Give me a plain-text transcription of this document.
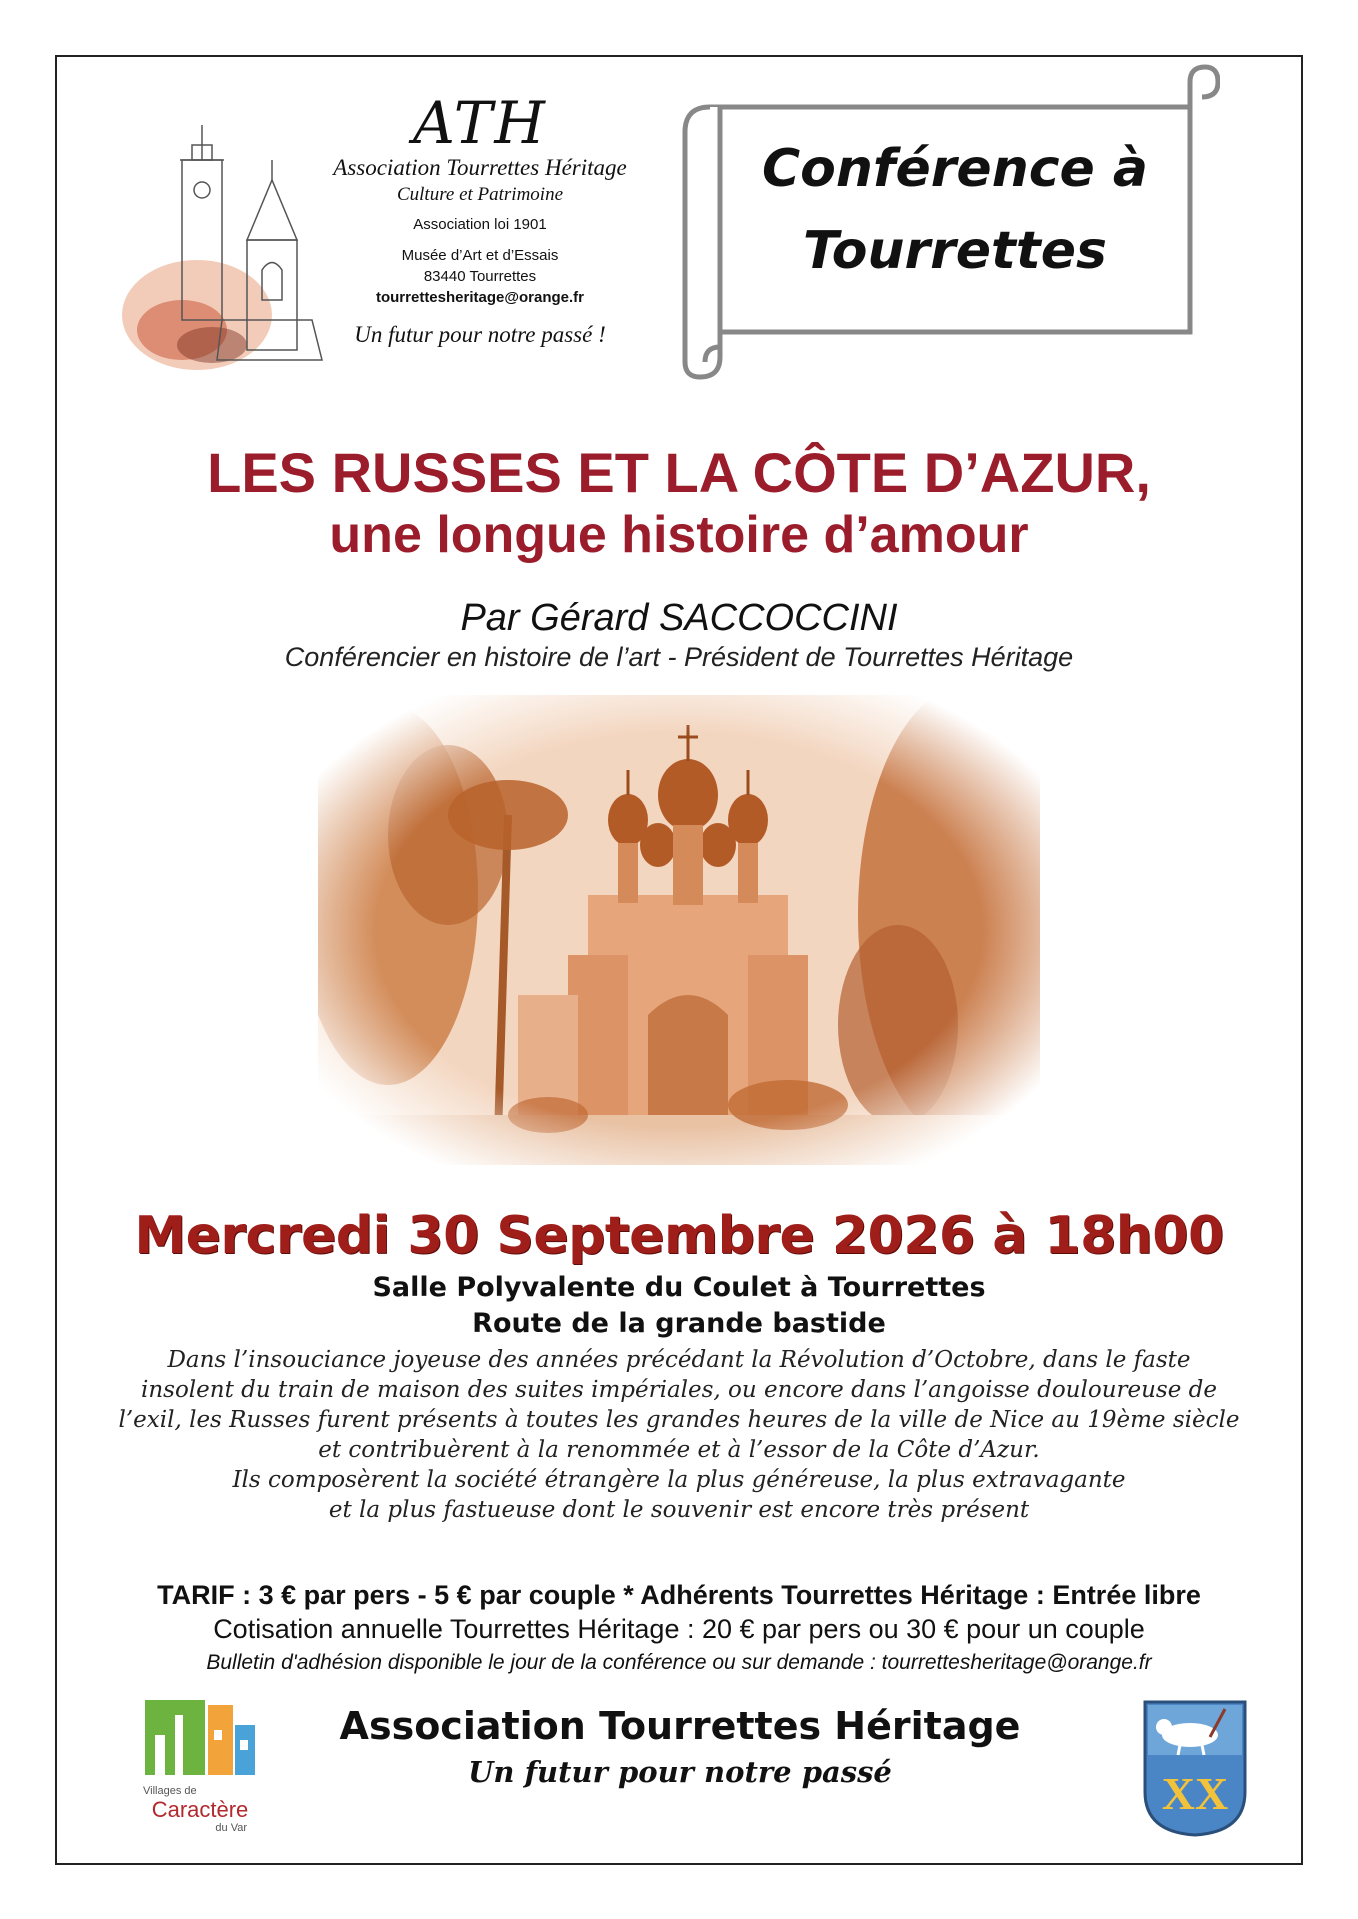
ATH
Association Tourrettes Héritage
Culture et Patrimoine
Association loi 1901
Musée d’Art et d’Essais
83440 Tourrettes
tourrettesheritage@orange.fr
Un futur pour notre passé !
Conférence à
Tourrettes
LES RUSSES ET LA CÔTE D’AZUR,
une longue histoire d’amour
Par Gérard SACCOCCINI
Conférencier en histoire de l’art - Président de Tourrettes Héritage
Mercredi 30 Septembre 2026 à 18h00
Salle Polyvalente du Coulet à Tourrettes
Route de la grande bastide
Dans l’insouciance joyeuse des années précédant la Révolution d’Octobre, dans le faste
insolent du train de maison des suites impériales, ou encore dans l’angoisse douloureuse de
l’exil, les Russes furent présents à toutes les grandes heures de la ville de Nice au 19ème siècle
et contribuèrent à la renommée et à l’essor de la Côte d’Azur.
Ils composèrent la société étrangère la plus généreuse, la plus extravagante
et la plus fastueuse dont le souvenir est encore très présent
TARIF : 3 € par pers - 5 € par couple * Adhérents Tourrettes Héritage : Entrée libre
Cotisation annuelle Tourrettes Héritage : 20 € par pers ou 30 € pour un couple
Bulletin d'adhésion disponible le jour de la conférence ou sur demande : tourrettesheritage@orange.fr
Villages de
Caractère
du Var
Association Tourrettes Héritage
Un futur pour notre passé	XX
